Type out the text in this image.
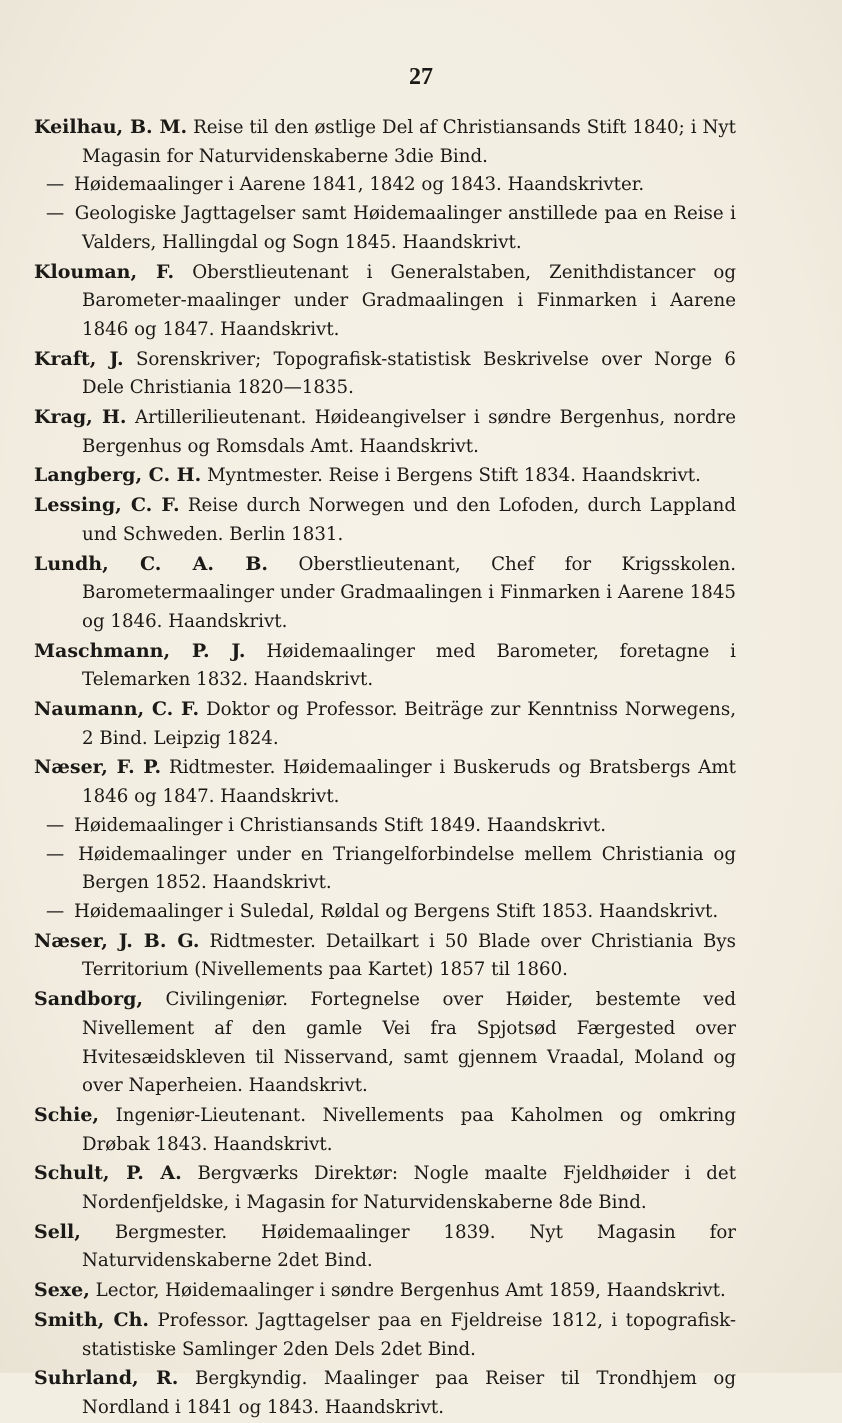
27
Keilhau, B. M. Reise til den østlige Del af Christiansands Stift 1840; i Nyt Magasin for Naturvidenskaberne 3die Bind.
— Høidemaalinger i Aarene 1841, 1842 og 1843. Haandskrivter.
— Geologiske Jagttagelser samt Høidemaalinger anstillede paa en Reise i Valders, Hallingdal og Sogn 1845. Haandskrivt.
Klouman, F. Oberstlieutenant i Generalstaben, Zenithdistancer og Barometer-maalinger under Gradmaalingen i Finmarken i Aarene 1846 og 1847. Haandskrivt.
Kraft, J. Sorenskriver; Topografisk-statistisk Beskrivelse over Norge 6 Dele Christiania 1820—1835.
Krag, H. Artillerilieutenant. Høideangivelser i søndre Bergenhus, nordre Bergenhus og Romsdals Amt. Haandskrivt.
Langberg, C. H. Myntmester. Reise i Bergens Stift 1834. Haandskrivt.
Lessing, C. F. Reise durch Norwegen und den Lofoden, durch Lappland und Schweden. Berlin 1831.
Lundh, C. A. B. Oberstlieutenant, Chef for Krigsskolen. Barometermaalinger under Gradmaalingen i Finmarken i Aarene 1845 og 1846. Haandskrivt.
Maschmann, P. J. Høidemaalinger med Barometer, foretagne i Telemarken 1832. Haandskrivt.
Naumann, C. F. Doktor og Professor. Beiträge zur Kenntniss Norwegens, 2 Bind. Leipzig 1824.
Næser, F. P. Ridtmester. Høidemaalinger i Buskeruds og Bratsbergs Amt 1846 og 1847. Haandskrivt.
— Høidemaalinger i Christiansands Stift 1849. Haandskrivt.
— Høidemaalinger under en Triangelforbindelse mellem Christiania og Bergen 1852. Haandskrivt.
— Høidemaalinger i Suledal, Røldal og Bergens Stift 1853. Haandskrivt.
Næser, J. B. G. Ridtmester. Detailkart i 50 Blade over Christiania Bys Territorium (Nivellements paa Kartet) 1857 til 1860.
Sandborg, Civilingeniør. Fortegnelse over Høider, bestemte ved Nivellement af den gamle Vei fra Spjotsød Færgested over Hvitesæidskleven til Nisservand, samt gjennem Vraadal, Moland og over Naperheien. Haandskrivt.
Schie, Ingeniør-Lieutenant. Nivellements paa Kaholmen og omkring Drøbak 1843. Haandskrivt.
Schult, P. A. Bergværks Direktør: Nogle maalte Fjeldhøider i det Nordenfjeldske, i Magasin for Naturvidenskaberne 8de Bind.
Sell, Bergmester. Høidemaalinger 1839. Nyt Magasin for Naturvidenskaberne 2det Bind.
Sexe, Lector, Høidemaalinger i søndre Bergenhus Amt 1859, Haandskrivt.
Smith, Ch. Professor. Jagttagelser paa en Fjeldreise 1812, i topografisk-statistiske Samlinger 2den Dels 2det Bind.
Suhrland, R. Bergkyndig. Maalinger paa Reiser til Trondhjem og Nordland i 1841 og 1843. Haandskrivt.
